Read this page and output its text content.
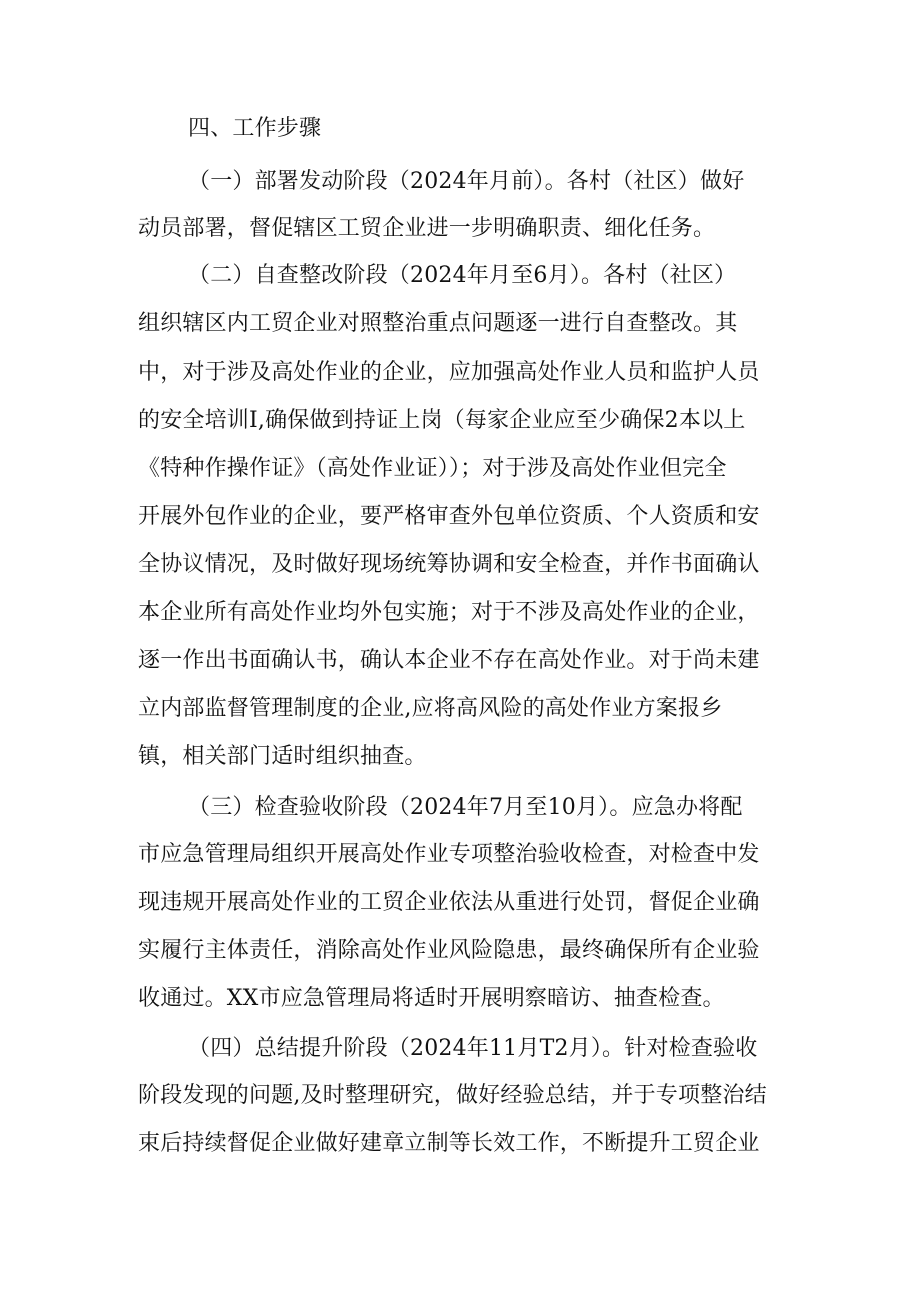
四、工作步骤
（一）部署发动阶段（2024年月前）。各村（社区）做好
动员部署，督促辖区工贸企业进一步明确职责、细化任务。
（二）自查整改阶段（2024年月至6月）。各村（社区）
组织辖区内工贸企业对照整治重点问题逐一进行自查整改。其
中，对于涉及高处作业的企业，应加强高处作业人员和监护人员
的安全培训I,确保做到持证上岗（每家企业应至少确保2本以上
《特种作操作证》（高处作业证））；对于涉及高处作业但完全
开展外包作业的企业，要严格审查外包单位资质、个人资质和安
全协议情况，及时做好现场统筹协调和安全检查，并作书面确认
本企业所有高处作业均外包实施；对于不涉及高处作业的企业，
逐一作出书面确认书，确认本企业不存在高处作业。对于尚未建
立内部监督管理制度的企业,应将高风险的高处作业方案报乡
镇，相关部门适时组织抽查。
（三）检查验收阶段（2024年7月至10月）。应急办将配
市应急管理局组织开展高处作业专项整治验收检查，对检查中发
现违规开展高处作业的工贸企业依法从重进行处罚，督促企业确
实履行主体责任，消除高处作业风险隐患，最终确保所有企业验
收通过。XX市应急管理局将适时开展明察暗访、抽查检查。
（四）总结提升阶段（2024年11月T2月）。针对检查验收
阶段发现的问题,及时整理研究，做好经验总结，并于专项整治结
束后持续督促企业做好建章立制等长效工作，不断提升工贸企业
